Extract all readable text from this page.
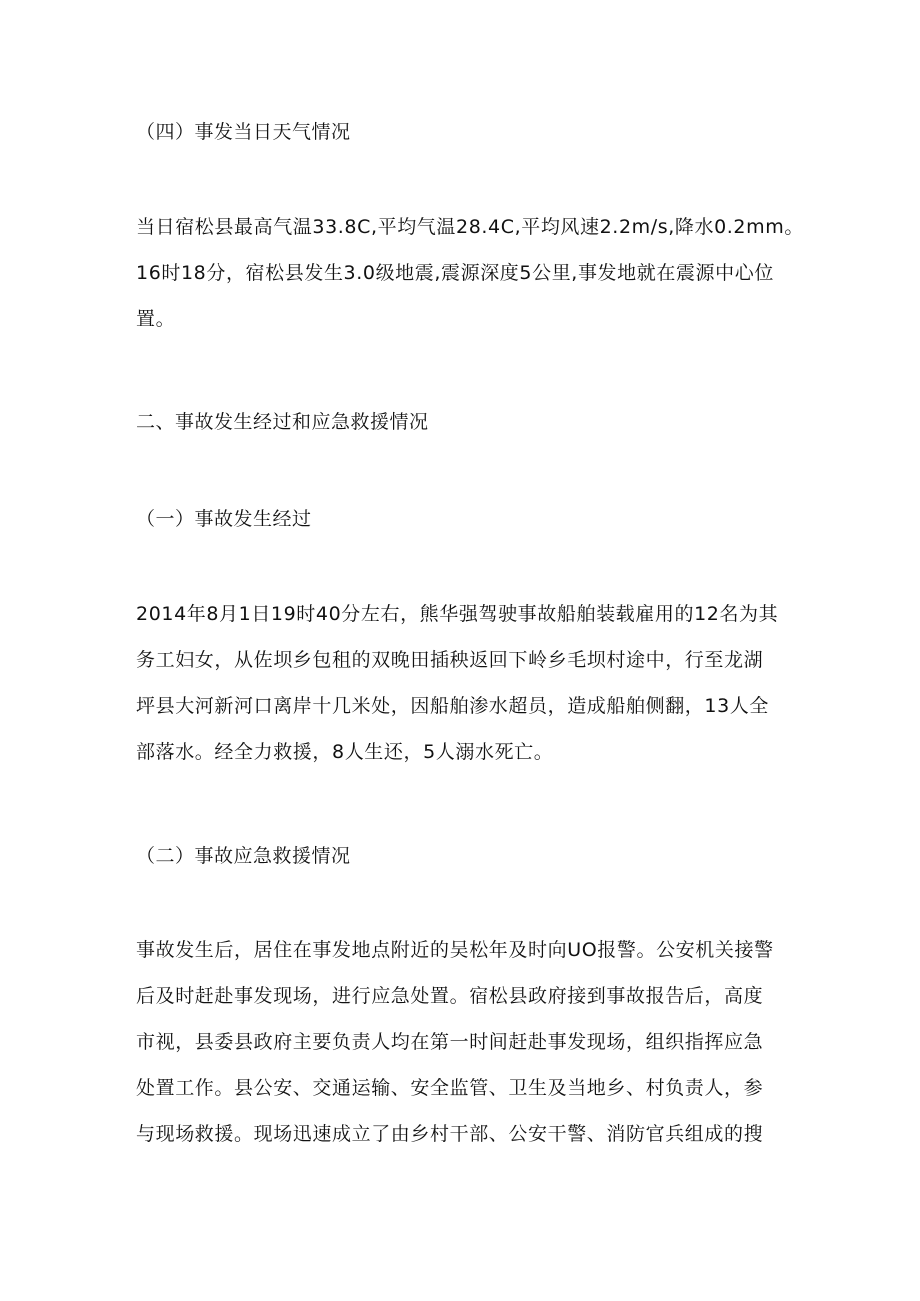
（四）事发当日天气情况
当日宿松县最高气温33.8C,平均气温28.4C,平均风速2.2m∕s,降水0.2mm。
16时18分，宿松县发生3.0级地震,震源深度5公里,事发地就在震源中心位
置。
二、事故发生经过和应急救援情况
（一）事故发生经过
2014年8月1日19时40分左右，熊华强驾驶事故船舶装载雇用的12名为其
务工妇女，从佐坝乡包租的双晚田插秧返回下岭乡毛坝村途中，行至龙湖
坪县大河新河口离岸十几米处，因船舶渗水超员，造成船舶侧翻，13人全
部落水。经全力救援，8人生还，5人溺水死亡。
（二）事故应急救援情况
事故发生后，居住在事发地点附近的吴松年及时向UO报警。公安机关接警
后及时赶赴事发现场，进行应急处置。宿松县政府接到事故报告后，高度
市视，县委县政府主要负责人均在第一时间赶赴事发现场，组织指挥应急
处置工作。县公安、交通运输、安全监管、卫生及当地乡、村负责人，参
与现场救援。现场迅速成立了由乡村干部、公安干警、消防官兵组成的搜
